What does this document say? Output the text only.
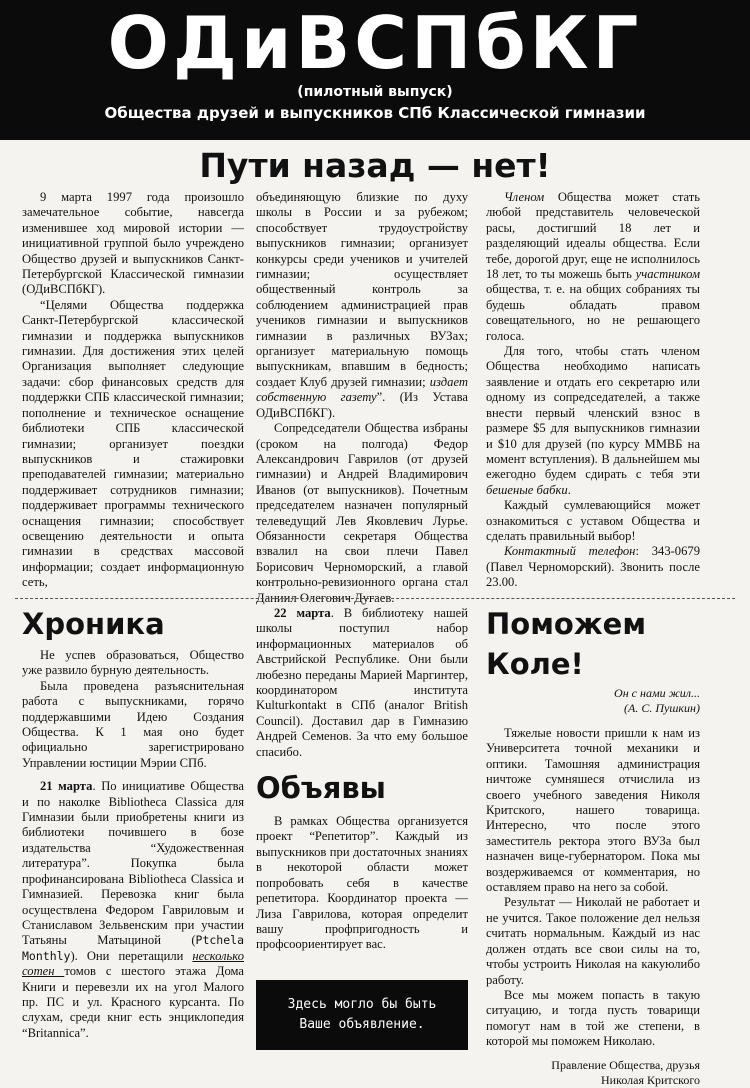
ОДиВСПбКГ
(пилотный выпуск)
Общества друзей и выпускников СПб Классической гимназии
Пути назад — нет!

9 марта 1997 года произошло замечательное событие, навсегда изменившее ход мировой истории — инициативной группой было учреждено Общество друзей и выпускников Санкт-Петербургской Классической гимназии (ОДиВСПбКГ).

“Целями Общества поддержка Санкт-Петербургской классической гимназии и поддержка выпускников гимназии. Для достижения этих целей Организация выполняет следующие задачи: сбор финансовых средств для поддержки СПБ классической гимназии; пополнение и техническое оснащение библиотеки СПБ классической гимназии; организует поездки выпускников и стажировки преподавателей гимназии; материально поддерживает сотрудников гимназии; поддерживает программы технического оснащения гимназии; способствует освещению деятельности и опыта гимназии в средствах массовой информации; создает информационную сеть,

объединяющую близкие по духу школы в России и за рубежом; способствует трудоустройству выпускников гимназии; организует конкурсы среди учеников и учителей гимназии; осуществляет общественный контроль за соблюдением администрацией прав учеников гимназии и выпускников гимназии в различных ВУЗах; организует материальную помощь выпускникам, впавшим в бедность; создает Клуб друзей гимназии; издает собственную газету”. (Из Устава ОДиВСПбКГ).

Сопредседатели Общества избраны (сроком на полгода) Федор Александрович Гаврилов (от друзей гимназии) и Андрей Владимирович Иванов (от выпускников). Почетным председателем назначен популярный телеведущий Лев Яковлевич Лурье. Обязанности секретаря Общества взвалил на свои плечи Павел Борисович Черноморский, а главой контрольно-ревизионного органа стал Даниил Олегович Дугаев.

Членом Общества может стать любой представитель человеческой расы, достигший 18 лет и разделяющий идеалы общества. Если тебе, дорогой друг, еще не исполнилось 18 лет, то ты можешь быть участником общества, т. е. на общих собраниях ты будешь обладать правом совещательного, но не решающего голоса.

Для того, чтобы стать членом Общества необходимо написать заявление и отдать его секретарю или одному из сопредседателей, а также внести первый членский взнос в размере $5 для выпускников гимназии и $10 для друзей (по курсу ММВБ на момент вступления). В дальнейшем мы ежегодно будем сдирать с тебя эти бешеные бабки.

Каждый сумлевающийся может ознакомиться с уставом Общества и сделать правильный выбор!

Контактный телефон: 343-0679 (Павел Черноморский). Звонить после 23.00.

Хроника

Не успев образоваться, Общество уже развило бурную деятельность.

Была проведена разъяснительная работа с выпускниками, горячо поддержавшими Идею Создания Общества. К 1 мая оно будет официально зарегистрировано Управлении юстиции Мэрии СПб.

21 марта. По инициативе Общества и по наколке Bibliotheca Classica для Гимназии были приобретены книги из библиотеки почившего в бозе издательства “Художественная литература”. Покупка была профинансирована Bibliotheca Classica и Гимназией. Перевозка книг была осуществлена Федором Гавриловым и Станиславом Зельвенским при участии Татьяны Матыциной (Ptchela Monthly). Они перетащили несколько сотен томов с шестого этажа Дома Книги и перевезли их на угол Малого пр. ПС и ул. Красного курсанта. По слухам, среди книг есть энциклопедия “Britannica”.

22 марта. В библиотеку нашей школы поступил набор информационных материалов об Австрийской Республике. Они были любезно переданы Марией Маргинтер, координатором института Kulturkontakt в СПб (аналог British Council). Доставил дар в Гимназию Андрей Семенов. За что ему большое спасибо.

Объявы

В рамках Общества организуется проект “Репетитор”. Каждый из выпускников при достаточных знаниях в некоторой области может попробовать себя в качестве репетитора. Координатор проекта — Лиза Гаврилова, которая определит вашу профпригодность и профсоориентирует вас.

Здесь могло бы быть
Ваше объявление.
Поможем
Коле!
Он с нами жил...
(А. С. Пушкин)

Тяжелые новости пришли к нам из Университета точной механики и оптики. Тамошняя администрация ничтоже сумняшеся отчислила из своего учебного заведения Николя Критского, нашего товарища. Интересно, что после этого заместитель ректора этого ВУЗа был назначен вице-губернатором. Пока мы воздерживаемся от комментария, но оставляем право на него за собой.

Результат — Николай не работает и не учится. Такое положение дел нельзя считать нормальным. Каждый из нас должен отдать все свои силы на то, чтобы устроить Николая на какуюлибо работу.

Все мы можем попасть в такую ситуацию, и тогда пусть товарищи помогут нам в той же степени, в которой мы поможем Николаю.

Правление Общества, друзья
Николая Критского
